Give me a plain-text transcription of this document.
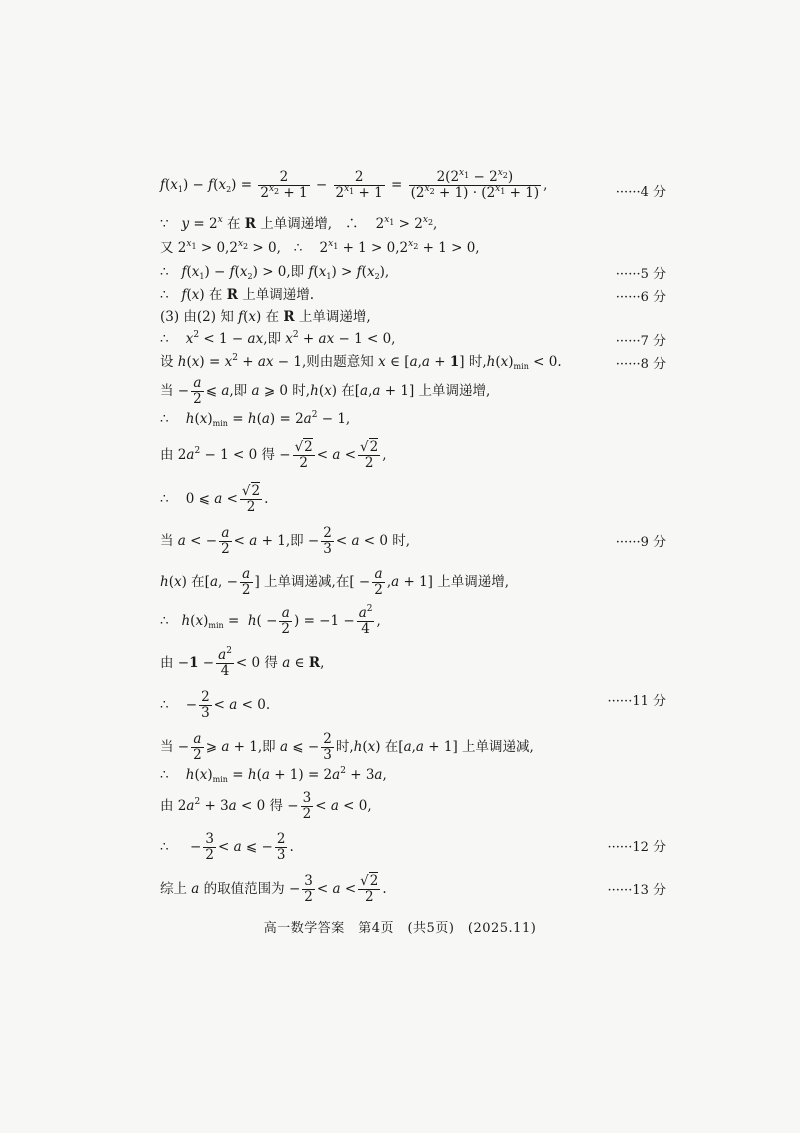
$f(x_1) - f(x_2) = \frac{2}{2^{x_2} + 1} - \frac{2}{2^{x_1} + 1} = \frac{2(2^{x_1} - 2^{x_2})}{(2^{x_2} + 1) \cdot (2^{x_1} + 1)}$ ,	······4 分
∵   $y = 2^x$ 在 R 上单调递增,   ∴    $2^{x_1} > 2^{x_2}$,
又 $2^{x_1} > 0,2^{x_2} > 0$,   ∴    $2^{x_1} + 1 > 0,2^{x_2} + 1 > 0$,
∴   $f(x_1) - f(x_2) > 0$,即 $f(x_1) > f(x_2)$,	······5 分
∴   f(x) 在 R 上单调递增.	······6 分
(3) 由(2) 知 f(x) 在 R 上单调递增,
∴    $x^2 < 1$ − ax,即 $x^2$ + ax − 1 < 0,	······7 分
设 $h(x) = x^2$ + ax − 1,则由题意知 x ∈ [a,a + 1] 时$,h(x)_{min} < 0$.	······8 分
当 − $\frac{a}{2}$ ⩽ a,即 a ⩾ 0 时,h(x) 在[a,a + 1] 上单调递增,
∴    $h(x)_{min} = h(a) = 2a^2 - 1$,
由 $2a^2 - 1 < 0$ 得 − $\frac{√2}{2} < a < \frac{√2}{2}$ ,
∴    0 ⩽ $a < \frac{√2}{2}$ .
当 a < − $\frac{a}{2} < a + 1$,即 − $\frac{2}{3} < a < 0$ 时,	······9 分
h(x) 在[a, − $\frac{a}{2}$ ] 上单调递减,在[ − $\frac{a}{2} ,a + 1$] 上单调递增,
∴   $h(x)_{min} = h( - \frac{a}{2}$ ) = $-1 - \frac{a^2}{4}$ ,
由 $-1 - \frac{a^2}{4} < 0$ 得 a ∈ R,
∴    − $\frac{2}{3} < a < 0$.	······11 分
当 − $\frac{a}{2}$ ⩾ a + 1,即 a ⩽ − $\frac{2}{3}$ 时,h(x) 在[a,a + 1] 上单调递减,
∴    $h(x)_{min} = h(a + 1) = 2a^2 + 3a$,
由 $2a^2 + 3a < 0$ 得 − $\frac{3}{2} < a < 0$,
∴     − $\frac{3}{2} < a$ ⩽ − $\frac{2}{3}$ .	······12 分
综上 a 的取值范围为 − $\frac{3}{2} < a < \frac{√2}{2}$ .	······13 分
高一数学答案　第4页　(共5页)　(2025.11)
